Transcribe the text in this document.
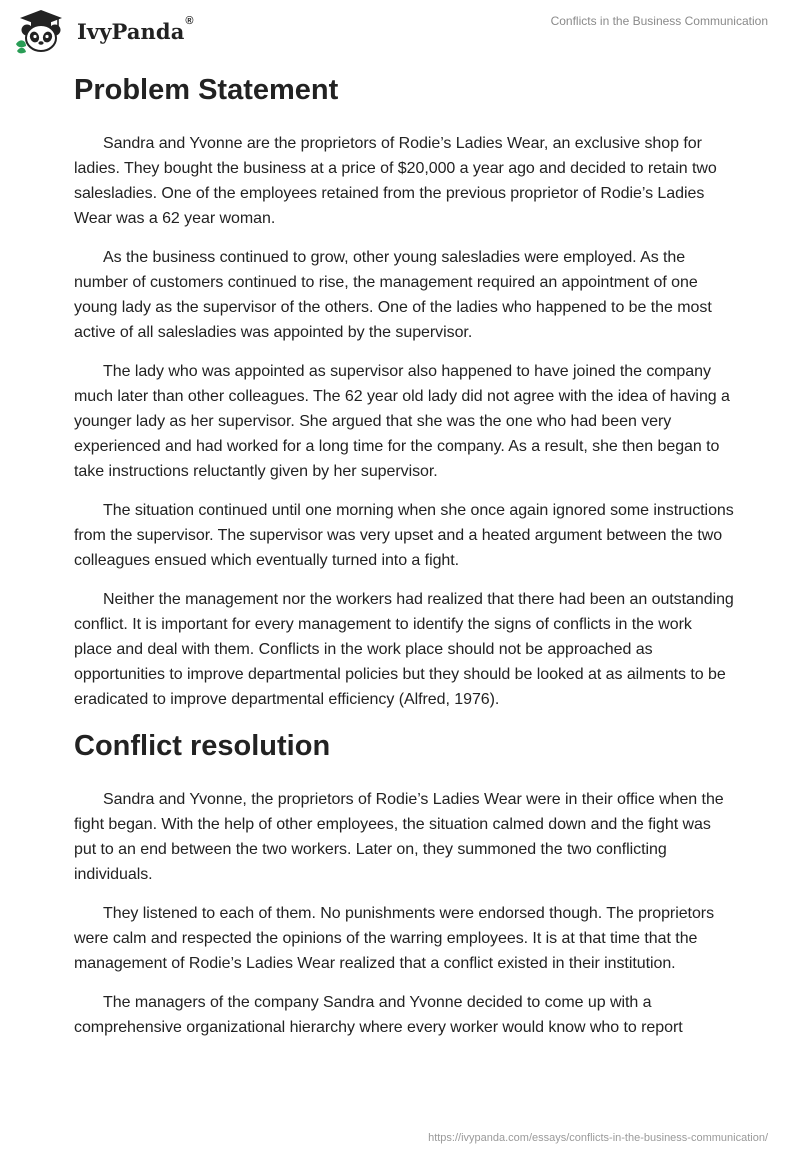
IvyPanda®	Conflicts in the Business Communication
Problem Statement

Sandra and Yvonne are the proprietors of Rodie’s Ladies Wear, an exclusive shop for ladies. They bought the business at a price of $20,000 a year ago and decided to retain two salesladies. One of the employees retained from the previous proprietor of Rodie’s Ladies Wear was a 62 year woman.

As the business continued to grow, other young salesladies were employed. As the number of customers continued to rise, the management required an appointment of one young lady as the supervisor of the others. One of the ladies who happened to be the most active of all salesladies was appointed by the supervisor.

The lady who was appointed as supervisor also happened to have joined the company much later than other colleagues. The 62 year old lady did not agree with the idea of having a younger lady as her supervisor. She argued that she was the one who had been very experienced and had worked for a long time for the company. As a result, she then began to take instructions reluctantly given by her supervisor.

The situation continued until one morning when she once again ignored some instructions from the supervisor. The supervisor was very upset and a heated argument between the two colleagues ensued which eventually turned into a fight.

Neither the management nor the workers had realized that there had been an outstanding conflict. It is important for every management to identify the signs of conflicts in the work place and deal with them. Conflicts in the work place should not be approached as opportunities to improve departmental policies but they should be looked at as ailments to be eradicated to improve departmental efficiency (Alfred, 1976).

Conflict resolution

Sandra and Yvonne, the proprietors of Rodie’s Ladies Wear were in their office when the fight began. With the help of other employees, the situation calmed down and the fight was put to an end between the two workers. Later on, they summoned the two conflicting individuals.

They listened to each of them. No punishments were endorsed though. The proprietors were calm and respected the opinions of the warring employees. It is at that time that the management of Rodie’s Ladies Wear realized that a conflict existed in their institution.

The managers of the company Sandra and Yvonne decided to come up with a comprehensive organizational hierarchy where every worker would know who to report

https://ivypanda.com/essays/conflicts-in-the-business-communication/
